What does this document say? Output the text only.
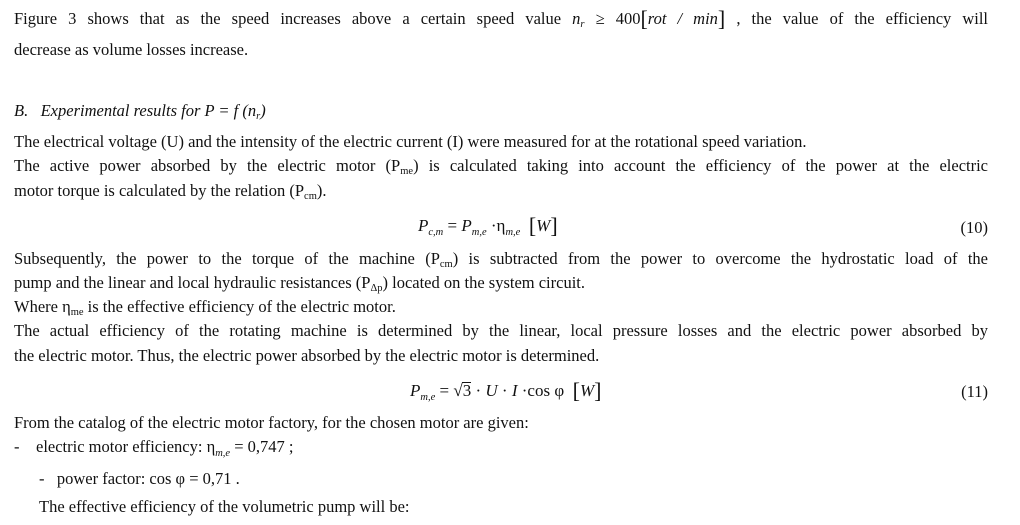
Figure 3 shows that as the speed increases above a certain speed value $n_r \ge 400[rot / \min]$ , the value of the efficiency will
decrease as volume losses increase.
B. Experimental results for P = f $(n_r)$
The electrical voltage (U) and the intensity of the electric current (I) were measured for at the rotational speed variation.
The active power absorbed by the electric motor $(P_{me})$ is calculated taking into account the efficiency of the power at the electric
motor torque is calculated by the relation $(P_{cm})$.
$P_{c,m} = P_{m,e} \cdot\eta_{m,e}$ [W]	(10)
Subsequently, the power to the torque of the machine $(P_{cm})$ is subtracted from the power to overcome the hydrostatic load of the
pump and the linear and local hydraulic resistances $(P_{\Delta p})$ located on the system circuit.
Where $\eta_{me}$ is the effective efficiency of the electric motor.
The actual efficiency of the rotating machine is determined by the linear, local pressure losses and the electric power absorbed by
the electric motor. Thus, the electric power absorbed by the electric motor is determined.
$P_{m,e} = √3 \cdot U \cdot I \cdot\cos$ φ [W]	(11)
From the catalog of the electric motor factory, for the chosen motor are given:
- electric motor efficiency: $\eta_{m,e} = 0,747$ ;
- power factor: cos φ = 0,71 .
The effective efficiency of the volumetric pump will be:
